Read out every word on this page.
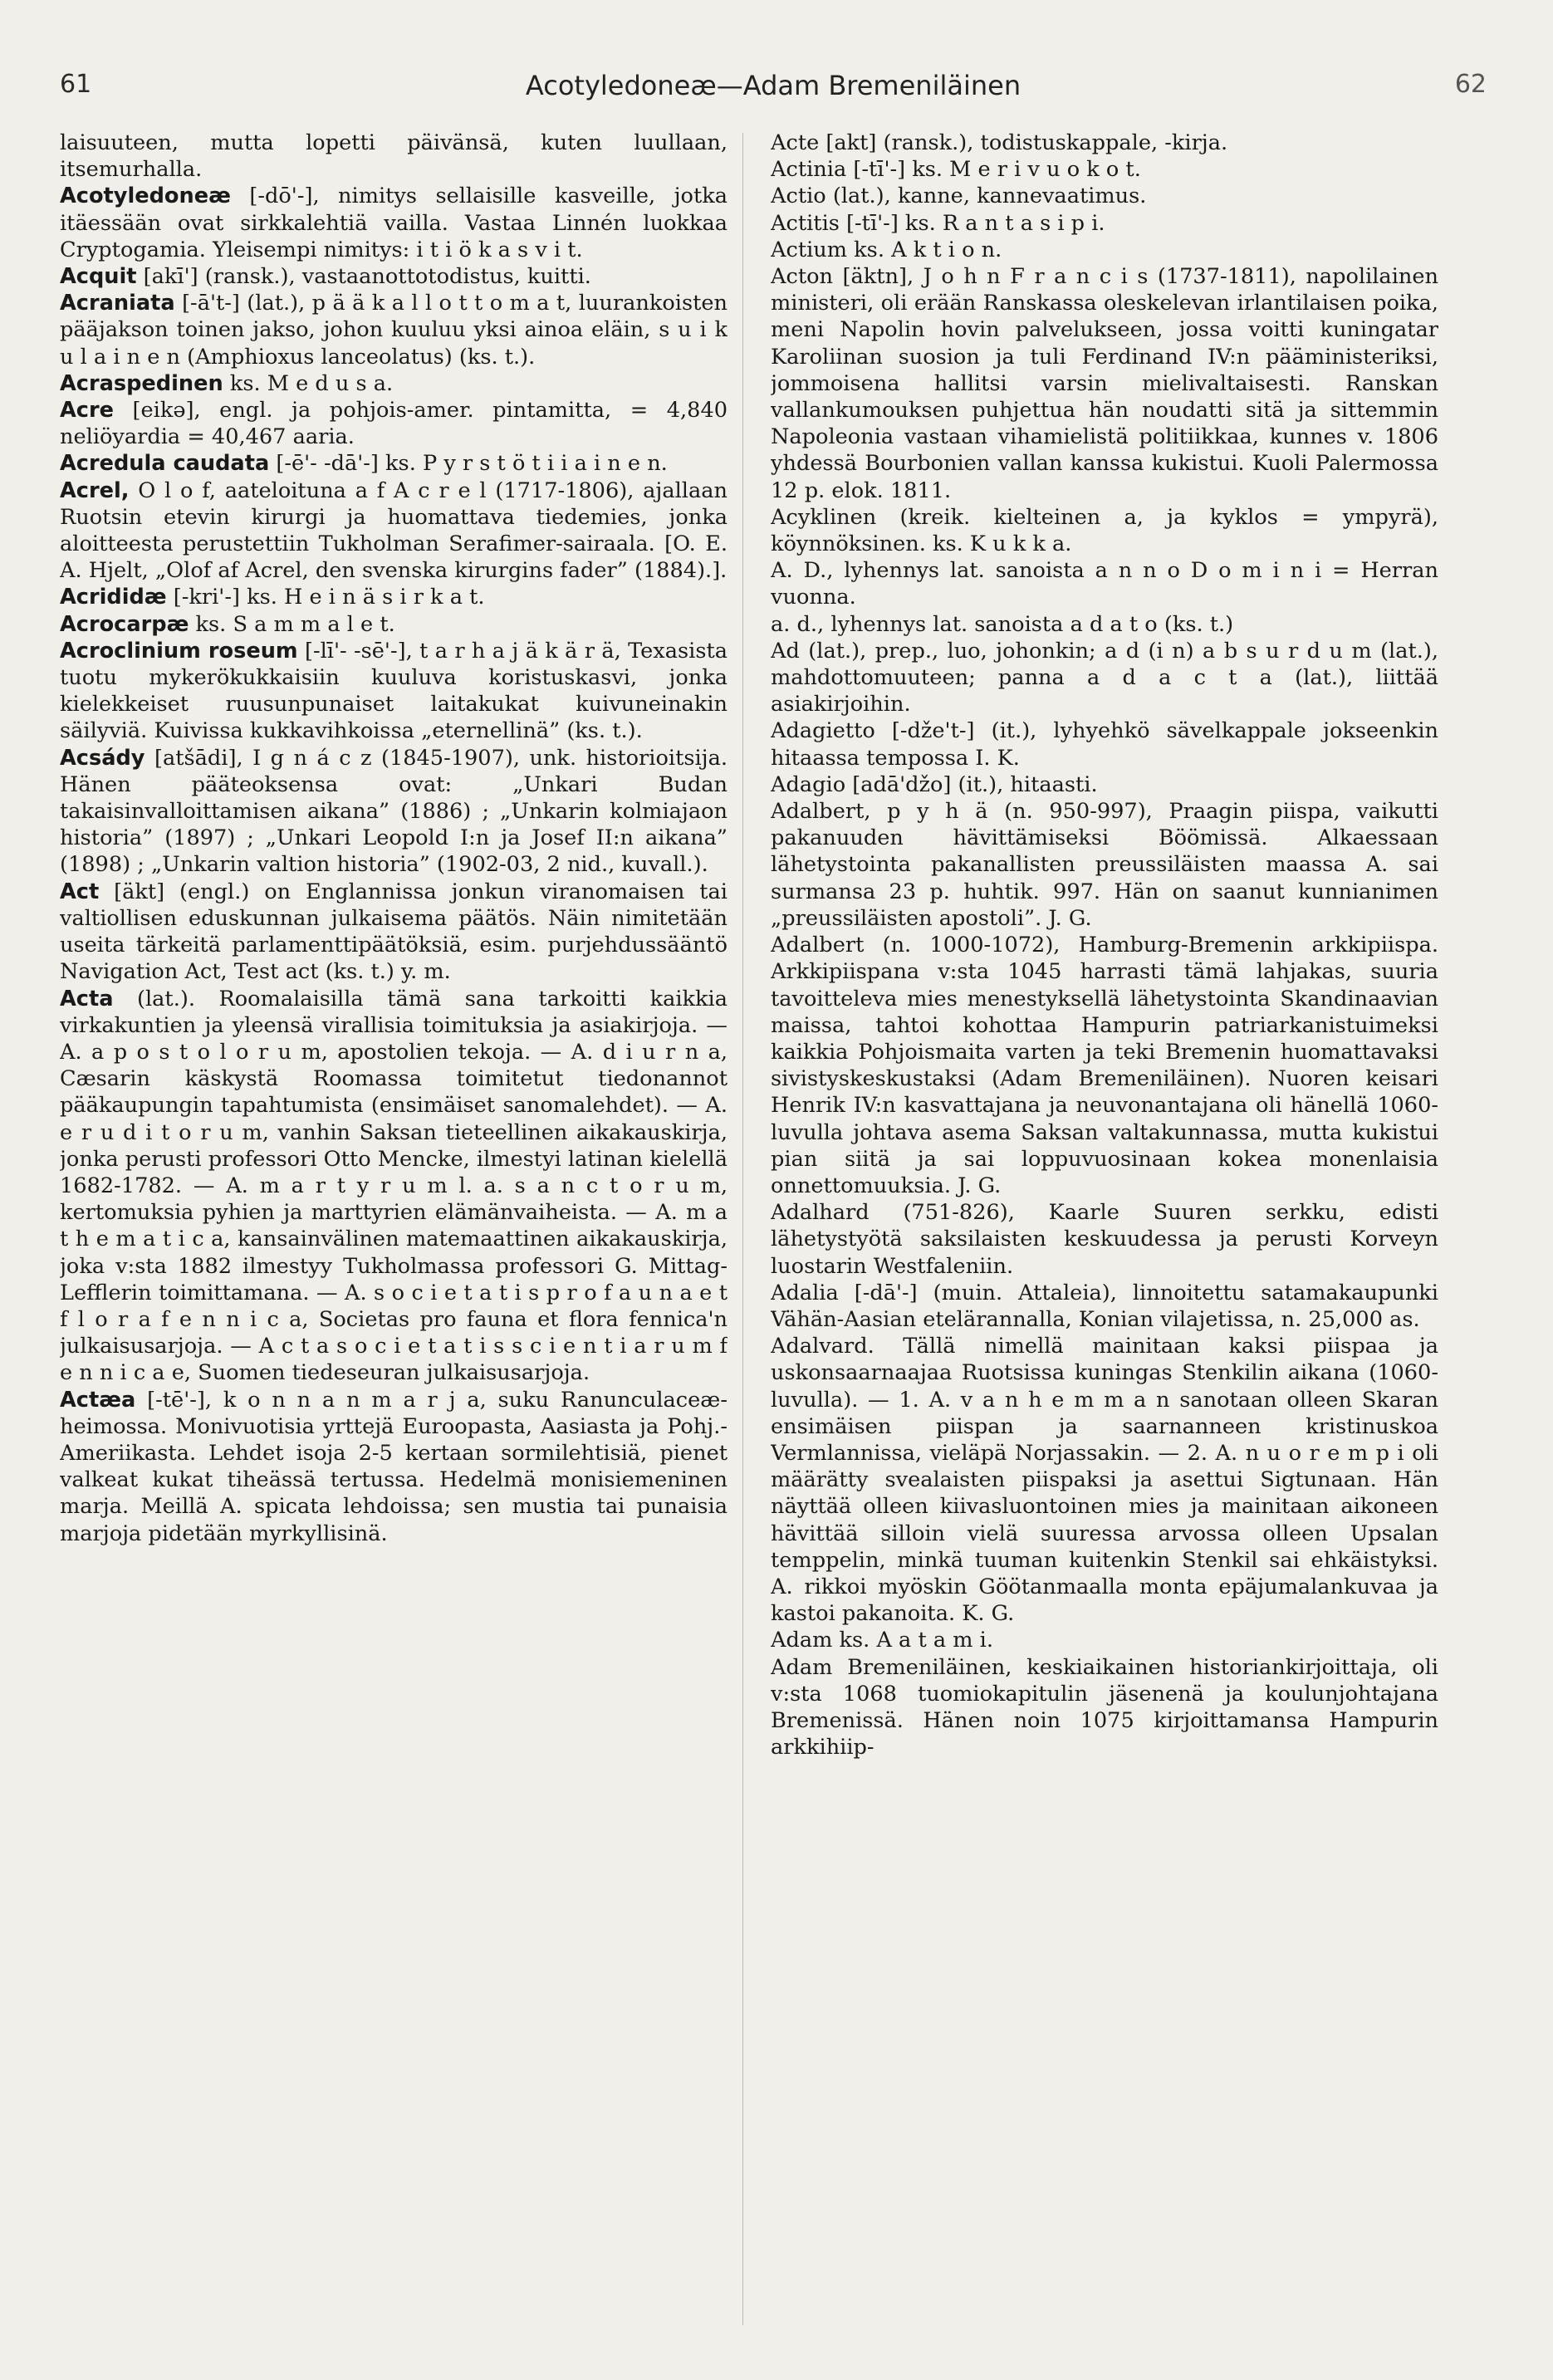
61	Acotyledoneæ—Adam Bremeniläinen	62

laisuuteen, mutta lopetti päivänsä, kuten luullaan, itsemurhalla.

Acotyledoneæ [-dō'-], nimitys sellaisille kasveille, jotka itäessään ovat sirkkalehtiä vailla. Vastaa Linnén luokkaa Cryptogamia. Yleisempi nimitys: i t i ö k a s v i t.

Acquit [akī'] (ransk.), vastaanottotodistus, kuitti.

Acraniata [-ā't-] (lat.), p ä ä k a l l o t t o m a t, luurankoisten pääjakson toinen jakso, johon kuuluu yksi ainoa eläin, s u i k u l a i n e n (Amphioxus lanceolatus) (ks. t.).

Acraspedinen ks. M e d u s a.

Acre [eikə], engl. ja pohjois-amer. pintamitta, = 4,840 neliöyardia = 40,467 aaria.

Acredula caudata [-ē'- -dā'-] ks. P y r s t ö t i i a i n e n.

Acrel, O l o f, aateloituna a f A c r e l (1717-1806), ajallaan Ruotsin etevin kirurgi ja huomattava tiedemies, jonka aloitteesta perustettiin Tukholman Serafimer-sairaala. [O. E. A. Hjelt, „Olof af Acrel, den svenska kirurgins fader” (1884).].

Acrididæ [-kri'-] ks. H e i n ä s i r k a t.

Acrocarpæ ks. S a m m a l e t.

Acroclinium roseum [-lī'- -sē'-], t a r h a j ä k ä r ä, Texasista tuotu mykerökukkaisiin kuuluva koristuskasvi, jonka kielekkeiset ruusunpunaiset laitakukat kuivuneinakin säilyviä. Kuivissa kukkavihkoissa „eternellinä” (ks. t.).

Acsády [atšādi], I g n á c z (1845-1907), unk. historioitsija. Hänen pääteoksensa ovat: „Unkari Budan takaisinvalloittamisen aikana” (1886) ; „Unkarin kolmiajaon historia” (1897) ; „Unkari Leopold I:n ja Josef II:n aikana” (1898) ; „Unkarin valtion historia” (1902-03, 2 nid., kuvall.).

Act [äkt] (engl.) on Englannissa jonkun viranomaisen tai valtiollisen eduskunnan julkaisema päätös. Näin nimitetään useita tärkeitä parlamenttipäätöksiä, esim. purjehdussääntö Navigation Act, Test act (ks. t.) y. m.

Acta (lat.). Roomalaisilla tämä sana tarkoitti kaikkia virkakuntien ja yleensä virallisia toimituksia ja asiakirjoja. — A. a p o s t o l o r u m, apostolien tekoja. — A. d i u r n a, Cæsarin käskystä Roomassa toimitetut tiedonannot pääkaupungin tapahtumista (ensimäiset sanomalehdet). — A. e r u d i t o r u m, vanhin Saksan tieteellinen aikakauskirja, jonka perusti professori Otto Mencke, ilmestyi latinan kielellä 1682-1782. — A. m a r t y r u m l. a. s a n c t o r u m, kertomuksia pyhien ja marttyrien elämänvaiheista. — A. m a t h e m a t i c a, kansainvälinen matemaattinen aikakauskirja, joka v:sta 1882 ilmestyy Tukholmassa professori G. Mittag-Lefflerin toimittamana. — A. s o c i e t a t i s p r o f a u n a e t f l o r a f e n n i c a, Societas pro fauna et flora fennica'n julkaisusarjoja. — A c t a s o c i e t a t i s s c i e n t i a r u m f e n n i c a e, Suomen tiedeseuran julkaisusarjoja.

Actæa [-tē'-], k o n n a n m a r j a, suku Ranunculaceæ-heimossa. Monivuotisia yrttejä Euroopasta, Aasiasta ja Pohj.-Ameriikasta. Lehdet isoja 2-5 kertaan sormilehtisiä, pienet valkeat kukat tiheässä tertussa. Hedelmä monisiemeninen marja. Meillä A. spicata lehdoissa; sen mustia tai punaisia marjoja pidetään myrkyllisinä.

Acte [akt] (ransk.), todistuskappale, -kirja.

Actinia [-tī'-] ks. M e r i v u o k o t.

Actio (lat.), kanne, kannevaatimus.

Actitis [-tī'-] ks. R a n t a s i p i.

Actium ks. A k t i o n.

Acton [äktn], J o h n F r a n c i s (1737-1811), napolilainen ministeri, oli erään Ranskassa oleskelevan irlantilaisen poika, meni Napolin hovin palvelukseen, jossa voitti kuningatar Karoliinan suosion ja tuli Ferdinand IV:n pääministeriksi, jommoisena hallitsi varsin mielivaltaisesti. Ranskan vallankumouksen puhjettua hän noudatti sitä ja sittemmin Napoleonia vastaan vihamielistä politiikkaa, kunnes v. 1806 yhdessä Bourbonien vallan kanssa kukistui. Kuoli Palermossa 12 p. elok. 1811.

Acyklinen (kreik. kielteinen a, ja kyklos = ympyrä), köynnöksinen. ks. K u k k a.

A. D., lyhennys lat. sanoista a n n o D o m i n i = Herran vuonna.

a. d., lyhennys lat. sanoista a d a t o (ks. t.)

Ad (lat.), prep., luo, johonkin; a d (i n) a b s u r d u m (lat.), mahdottomuuteen; panna a d a c t a (lat.), liittää asiakirjoihin.

Adagietto [-dže't-] (it.), lyhyehkö sävelkappale jokseenkin hitaassa tempossa I. K.

Adagio [adā'džo] (it.), hitaasti.

Adalbert, p y h ä (n. 950-997), Praagin piispa, vaikutti pakanuuden hävittämiseksi Böömissä. Alkaessaan lähetystointa pakanallisten preussiläisten maassa A. sai surmansa 23 p. huhtik. 997. Hän on saanut kunnianimen „preussiläisten apostoli”. J. G.

Adalbert (n. 1000-1072), Hamburg-Bremenin arkkipiispa. Arkkipiispana v:sta 1045 harrasti tämä lahjakas, suuria tavoitteleva mies menestyksellä lähetystointa Skandinaavian maissa, tahtoi kohottaa Hampurin patriarkanistuimeksi kaikkia Pohjoismaita varten ja teki Bremenin huomattavaksi sivistyskeskustaksi (Adam Bremeniläinen). Nuoren keisari Henrik IV:n kasvattajana ja neuvonantajana oli hänellä 1060-luvulla johtava asema Saksan valtakunnassa, mutta kukistui pian siitä ja sai loppuvuosinaan kokea monenlaisia onnettomuuksia. J. G.

Adalhard (751-826), Kaarle Suuren serkku, edisti lähetystyötä saksilaisten keskuudessa ja perusti Korveyn luostarin Westfaleniin.

Adalia [-dā'-] (muin. Attaleia), linnoitettu satamakaupunki Vähän-Aasian etelärannalla, Konian vilajetissa, n. 25,000 as.

Adalvard. Tällä nimellä mainitaan kaksi piispaa ja uskonsaarnaajaa Ruotsissa kuningas Stenkilin aikana (1060-luvulla). — 1. A. v a n h e m m a n sanotaan olleen Skaran ensimäisen piispan ja saarnanneen kristinuskoa Vermlannissa, vieläpä Norjassakin. — 2. A. n u o r e m p i oli määrätty svealaisten piispaksi ja asettui Sigtunaan. Hän näyttää olleen kiivasluontoinen mies ja mainitaan aikoneen hävittää silloin vielä suuressa arvossa olleen Upsalan temppelin, minkä tuuman kuitenkin Stenkil sai ehkäistyksi. A. rikkoi myöskin Göötanmaalla monta epäjumalankuvaa ja kastoi pakanoita. K. G.

Adam ks. A a t a m i.

Adam Bremeniläinen, keskiaikainen historiankirjoittaja, oli v:sta 1068 tuomiokapitulin jäsenenä ja koulunjohtajana Bremenissä. Hänen noin 1075 kirjoittamansa Hampurin arkkihiip-
